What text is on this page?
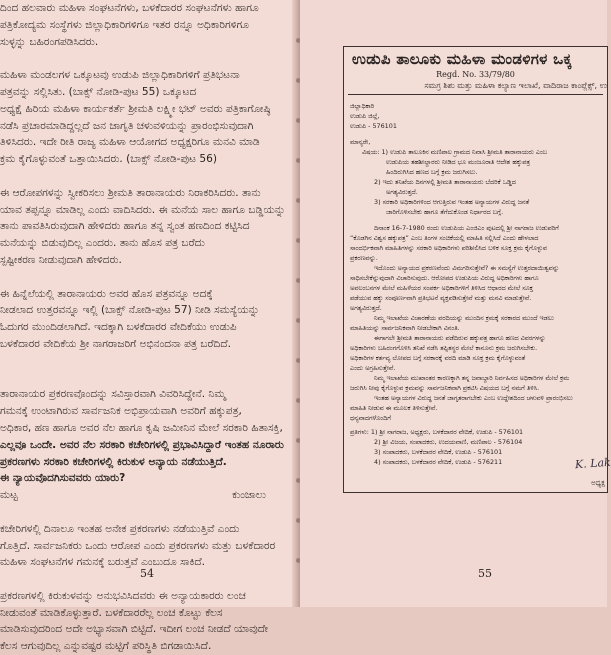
ದಿಂದ ಹಲವಾರು ಮಹಿಳಾ ಸಂಘಟನೆಗಳು, ಬಳಕೆದಾರರ ಸಂಘಟನೆಗಳು ಹಾಗೂ
ಪತ್ರಿಕೋದ್ಯಮ ಸಂಸ್ಥೆಗಳು ಜಿಲ್ಲಾಧಿಕಾರಿಗಳಿಗೂ ಇತರ ರನ್ನೂ ಅಧಿಕಾರಿಗಳಿಗೂ
ಸುಳ್ಳನ್ನು ಬಹಿರಂಗಪಡಿಸಿದರು.
ಮಹಿಳಾ ಮಂಡಲಗಳ ಒಕ್ಕೂಟವು ಉಡುಪಿ ಜಿಲ್ಲಾಧಿಕಾರಿಗಳಿಗೆ ಪ್ರತಿಭಟನಾ
ಪತ್ರವನ್ನು ಸಲ್ಲಿಸಿತು. (ಬಾಕ್ಸ್ ನೋಡಿ-ಪುಟ 55) ಒಕ್ಕೂಟದ
ಅಧ್ಯಕ್ಷೆ ಹಿರಿಯ ಮಹಿಳಾ ಕಾರ್ಯಕರ್ತೆ ಶ್ರೀಮತಿ ಲಕ್ಷ್ಮೀ ಭಟ್ ಅವರು ಪತ್ರಿಕಾಗೋಷ್ಠಿ
ನಡೆಸಿ ಪ್ರಚಾರಮಾಡಿದ್ದಲ್ಲದೆ ಜನ ಜಾಗೃತಿ ಚಳುವಳಿಯನ್ನು ಪ್ರಾರಂಭಿಸುವುದಾಗಿ
ತಿಳಿಸಿದರು. ಇದೇ ರೀತಿ ರಾಜ್ಯ ಮಹಿಳಾ ಆಯೋಗದ ಅಧ್ಯಕ್ಷರಿಗೂ ಮನವಿ ಮಾಡಿ
ಕ್ರಮ ಕೈಗೊಳ್ಳುವಂತೆ ಒತ್ತಾಯಿಸಿದರು. (ಬಾಕ್ಸ್ ನೋಡಿ-ಪುಟ 56)
ಈ ಆರೋಪಗಳನ್ನು ಸ್ವೀಕರಿಸಲು ಶ್ರೀಮತಿ ತಾರಾನಾಯರು ನಿರಾಕರಿಸಿದರು. ತಾನು
ಯಾವ ತಪ್ಪನ್ನೂ ಮಾಡಿಲ್ಲ ಎಂದು ವಾದಿಸಿದರು. ಈ ಮನೆಯ ಸಾಲ ಹಾಗೂ ಬಡ್ಡಿಯನ್ನು
ತಾನು ಪಾವತಿಸಿರುವುದಾಗಿ ಹೇಳಿದರು ಹಾಗೂ ತನ್ನ ಸ್ವಂತ ಹಣದಿಂದ ಕಟ್ಟಿಸಿದ
ಮನೆಯನ್ನು ಬಿಡುವುದಿಲ್ಲ ಎಂದರು. ತಾನು ಹೊಸ ಪತ್ರ ಬರೆದು
ಸ್ಪಷ್ಟೀಕರಣ ನೀಡುವುದಾಗಿ ಹೇಳಿದರು.
ಈ ಹಿನ್ನೆಲೆಯಲ್ಲಿ ತಾರಾನಾಯರು ಅವರ ಹೊಸ ಪತ್ರವನ್ನೂ ಅದಕ್ಕೆ
ನೀಡಲಾದ ಉತ್ತರವನ್ನೂ ಇಲ್ಲಿ (ಬಾಕ್ಸ್ ನೋಡಿ-ಪುಟ 57) ನೀಡಿ ಸಮಸ್ಯೆಯನ್ನು
ಓದುಗರ ಮುಂದಿಡಲಾಗಿದೆ. ಇದಕ್ಕಾಗಿ ಬಳಕೆದಾರರ ವೇದಿಕೆಯು ಉಡುಪಿ
ಬಳಕೆದಾರರ ವೇದಿಕೆಯ ಶ್ರೀ ನಾಗರಾಜರಿಗೆ ಅಭಿನಂದನಾ ಪತ್ರ ಬರೆದಿದೆ.
ತಾರಾನಾಯರ ಪ್ರಕರಣವೊಂದನ್ನು ಸವಿಸ್ತಾರವಾಗಿ ವಿವರಿಸಿದ್ದೇನೆ. ನಿಮ್ಮ
ಗಮನಕ್ಕೆ ಉಂಟಾಗಿರುವ ಸಾರ್ವಜನಿಕ ಅಭಿಪ್ರಾಯವಾಗಿ ಅವರಿಗೆ ಹಕ್ಕುಪತ್ರ,
ಅಧಿಕಾರ, ಹಣ ಹಾಗೂ ಅವರ ನೆಲ ಹಾಗೂ ಕೃಷಿ ಜಮೀನಿನ ಮೇಲೆ ಸರಕಾರಿ ಹಿತಾಸಕ್ತಿ,
ಎಲ್ಲವೂ ಒಂದೇ. ಅವರ ನೆಲ ಸರಕಾರಿ ಕಚೇರಿಗಳಲ್ಲಿ ಪ್ರಭಾವಿಸಿದ್ದಾರೆ ಇಂತಹ ನೂರಾರು
ಪ್ರಕರಣಗಳು ಸರಕಾರಿ ಕಚೇರಿಗಳಲ್ಲಿ ಕಿರುಕುಳ ಅನ್ಯಾಯ ನಡೆಯುತ್ತಿದೆ.
ಈ ನ್ಯಾಯವೊದಗಿಸುವವರು ಯಾರು?
ಮಟ್ಟ	ಕುಂಜಾಲು
ಕಚೇರಿಗಳಲ್ಲಿ ದಿನಾಲೂ ಇಂತಹ ಅನೇಕ ಪ್ರಕರಣಗಳು ನಡೆಯುತ್ತಿವೆ ಎಂದು
ಗೊತ್ತಿದೆ. ಸಾರ್ವಜನಿಕರು ಒಂದು ಆರೋಪ ಎಂದು ಪ್ರಕರಣಗಳು ಮತ್ತು ಬಳಕೆದಾರರ
ಮಹಿಳಾ ಸಂಘಟನೆಗಳ ಗಮನಕ್ಕೆ ಬರುತ್ತವೆ ಎಂಬುದೂ ಸಾಕಿದೆ.
ಪ್ರಕರಣಗಳಲ್ಲಿ ಕಿರುಕುಳವನ್ನು ಅನುಭವಿಸಿದವರು ಈ ಅನ್ಯಾಯಕಾರರು ಲಂಚ
ನೀಡುವಂತೆ ಮಾಡಿಕೊಳ್ಳುತ್ತಾರೆ. ಬಳಕೆದಾರರೆಲ್ಲ ಲಂಚ ಕೊಟ್ಟು ಕೆಲಸ
ಮಾಡಿಸುವುದರಿಂದ ಅದೇ ಅಭ್ಯಾಸವಾಗಿ ಬಿಟ್ಟಿದೆ. ಇದೀಗ ಲಂಚ ನೀಡದೆ ಯಾವುದೇ
ಕೆಲಸ ಆಗುವುದಿಲ್ಲ ಎನ್ನುವಷ್ಟರ ಮಟ್ಟಿಗೆ ಪರಿಸ್ಥಿತಿ ಬಿಗಡಾಯಿಸಿದೆ.
54
ಉಡುಪಿ ತಾಲೂಕು ಮಹಿಳಾ ಮಂಡಳಿಗಳ ಒಕ್ಕ
Regd. No. 33/79/80
ಸಮಗ್ರ ಶಿಶು ಮತ್ತು ಮಹಿಳಾ ಕಲ್ಯಾಣ ಇಲಾಖೆ, ವಾದಿರಾಜ ಕಾಂಪ್ಲೆಕ್ಸ್, ಉ
ಜಿಲ್ಲಾಧಿಕಾರಿ
ಉಡುಪಿ ಜಿಲ್ಲೆ,
ಉಡುಪಿ - 576101
ಮಾನ್ಯರೇ,
ವಿಷಯ: 1) ಉಡುಪಿ ತಾಲೂಕಿನ ಮಣಿಪಾಲ ಗ್ರಾಮದ ನಿವಾಸಿ ಶ್ರೀಮತಿ ತಾರಾನಾಯರು ಎಂಬ
ಉಡುಪಿಯ ತಹಶೀಲ್ದಾರರು ನೀಡಿದ ಭೂ ಮಂಜೂರಾತಿ ಆದೇಶ ಹಕ್ಕುಪತ್ರ
ಹಿಂದಿರುಗಿಸಿದ ಹಣದ ಬಗ್ಗೆ ಕ್ರಮ ಜರುಗಿಸಲು.
2) ಇದು ತನಿಖೆಯ ದಿನಗಳಲ್ಲಿ ಶ್ರೀಮತಿ ತಾರಾನಾಯರು ಬೆದರಿಕೆ ಒಡ್ಡಿದ
ಅಗತ್ಯವಿರುತ್ತದೆ.
3) ಸರಕಾರಿ ಅಧಿಕಾರಿಗಳಿಂದ ಆಗುತ್ತಿರುವ ಇಂತಹ ಅನ್ಯಾಯಗಳ ವಿರುದ್ಧ ಜನತೆ
ಜಾರಿಗೊಳಿಸಬೇಕು ಹಾಗೂ ತೆಗೆದುಕೊಂಡ ನಿರ್ಧಾರದ ಬಗ್ಗೆ.
ದಿನಾಂಕ 16-7-1980 ರಂದು ಉಡುಪಿಯ ಎಂಜಿಎಂ ಪುಟದಲ್ಲಿ ಶ್ರೀ ನಾಗರಾಜ ಉಡುಪರಿಗೆ
“ಕೊಡಗಿನ ವಿಶ್ವಸ ಹಕ್ಕುಪತ್ರ” ಎಂಬ ತಿಂಗಳ ಸಂಚಿಕೆಯಲ್ಲಿ ಮಾಹಿತಿ ಸಲ್ಲಿಸಿದೆ ಎಂದು ಹೇಳಲಾದ
ಸಾಂದರ್ಭಿಕವಾಗಿ ಮಾಹಿತಿಗಳನ್ನು ಸರಕಾರಿ ಅಧಿಕಾರಿಗಳು ಪರಿಶೀಲಿಸಿದ ಬಳಿಕ ಸೂಕ್ತ ಕ್ರಮ ಕೈಗೊಳ್ಳುವ
ಪ್ರಕರಣವನ್ನು.
ಇದೊಂದು ಅನ್ಯಾಯದ ಪ್ರಕರಣವೆಂದು ವಿಮಗರಿಸುತ್ತೇವೆ? ಈ ಸಮಸ್ಯೆಗೆ ಉತ್ತರದಾಯಿತ್ವವನ್ನು
ಸಾಧಿಸಬೇಕೆನ್ನುವುದಾಗಿ ವಿಚಾರಿಸುವುದು. ಆರೋಪದ ಉಡುಪಿಯ ವಿರುದ್ಧ ಅಧಿಕಾರಿಗಳು ಹಾಗೂ
ಅವಲಂಬನಗಳ ಮೇಲೆ ಮಹಿಳೆಯರ ಸಂಪರ್ಕ ಅಧಿಕಾರಿಗಳಿಗೆ ತಿಳಿಸಿದ ಆಧಾರದ ಮೇಲೆ ಸೂಕ್ತ
ಪಡೆಯುವ ಹಕ್ಕು ಸಂಪೂರ್ಣವಾಗಿ ಪ್ರತಿಭಟನೆ ವ್ಯಕ್ತಪಡಿಸುತ್ತೇವೆ ಮತ್ತು ಮನವಿ ಮಾಡುತ್ತೇವೆ.
ಅಗತ್ಯವಿರುತ್ತದೆ.
ನಿಮ್ಮ ಇಲಾಖೆಯ ವಿಚಾರಣೆಯ ವರದಿಯನ್ನು ಮುಂದಿನ ಕ್ರಮಕ್ಕೆ ಸರಕಾರದ ಮುಂದೆ ಇಡಲು
ಮಾಹಿತಿಯನ್ನು ಸಾರ್ವಜನಿಕವಾಗಿ ನೀಡಬೇಕಾಗಿ ವಿನಂತಿ.
ಈಗಾಗಲೇ ಶ್ರೀಮತಿ ತಾರಾನಾಯರು ಪಡೆದಿರುವ ಹಕ್ಕುಪತ್ರ ಹಾಗೂ ಹಣದ ವಿವರಗಳನ್ನು
ಅಧಿಕಾರಿಗಳು ಬಹಿರಂಗಗೊಳಿಸಿ ತನಿಖೆ ನಡೆಸಿ ತಪ್ಪಿತಸ್ಥರ ಮೇಲೆ ಕಾನೂನು ಕ್ರಮ ಜರುಗಿಸಬೇಕು.
ಅಧಿಕಾರಿಗಳ ಕರ್ತವ್ಯ ಲೋಪದ ಬಗ್ಗೆ ಸರಕಾರಕ್ಕೆ ವರದಿ ಮಾಡಿ ಸೂಕ್ತ ಕ್ರಮ ಕೈಗೊಳ್ಳುವಂತೆ
ಎಂದು ಅಗ್ರಹಿಸುತ್ತೇವೆ.
ನಿಮ್ಮ ಇಲಾಖೆಯ ಮುಖಾಂತರ ಕಾರಣಕ್ಕಾಗಿ ತನ್ನ ಜವಾಬ್ದಾರಿ ನಿರ್ವಹಿಸದ ಅಧಿಕಾರಿಗಳ ಮೇಲೆ ಕ್ರಮ
ಜರುಗಿಸಿ ನೀವು ಕೈಗೊಳ್ಳುವ ಕ್ರಮವನ್ನು ಸಾರ್ವಜನಿಕವಾಗಿ ಪ್ರಕಟಿಸಿ ವಿಷಯದ ಬಗ್ಗೆ ನಮಗೆ ತಿಳಿಸಿ.
ಇಂತಹ ಅನ್ಯಾಯಗಳ ವಿರುದ್ಧ ಜನತೆ ಜಾಗೃತರಾಗಬೇಕು ಎಂಬ ಉದ್ದೇಶದಿಂದ ಚಳುವಳಿ ಪ್ರಾರಂಭಿಸಲು
ಮಾಹಿತಿ ನೀಡುವ ಈ ಮೂಲಕ ತಿಳಿಸುತ್ತೇವೆ.
ಧನ್ಯವಾದಗಳೊಂದಿಗೆ
ಪ್ರತಿಗಳು: 1) ಶ್ರೀ ನಾಗರಾಜ, ಅಧ್ಯಕ್ಷರು, ಬಳಕೆದಾರರ ವೇದಿಕೆ, ಉಡುಪಿ - 576101
2) ಶ್ರೀ ವಿಜಯ, ಸಂಪಾದಕರು, ಉದಯವಾಣಿ, ಮಣಿಪಾಲ - 576104
3) ಸಂಪಾದಕರು, ಬಳಕೆದಾರರ ವೇದಿಕೆ, ಉಡುಪಿ - 576101
4) ಸಂಪಾದಕರು, ಬಳಕೆದಾರರ ವೇದಿಕೆ, ಉಡುಪಿ - 576211	K. Lak
ಅಧ್ಯಕ್ಷ
55
